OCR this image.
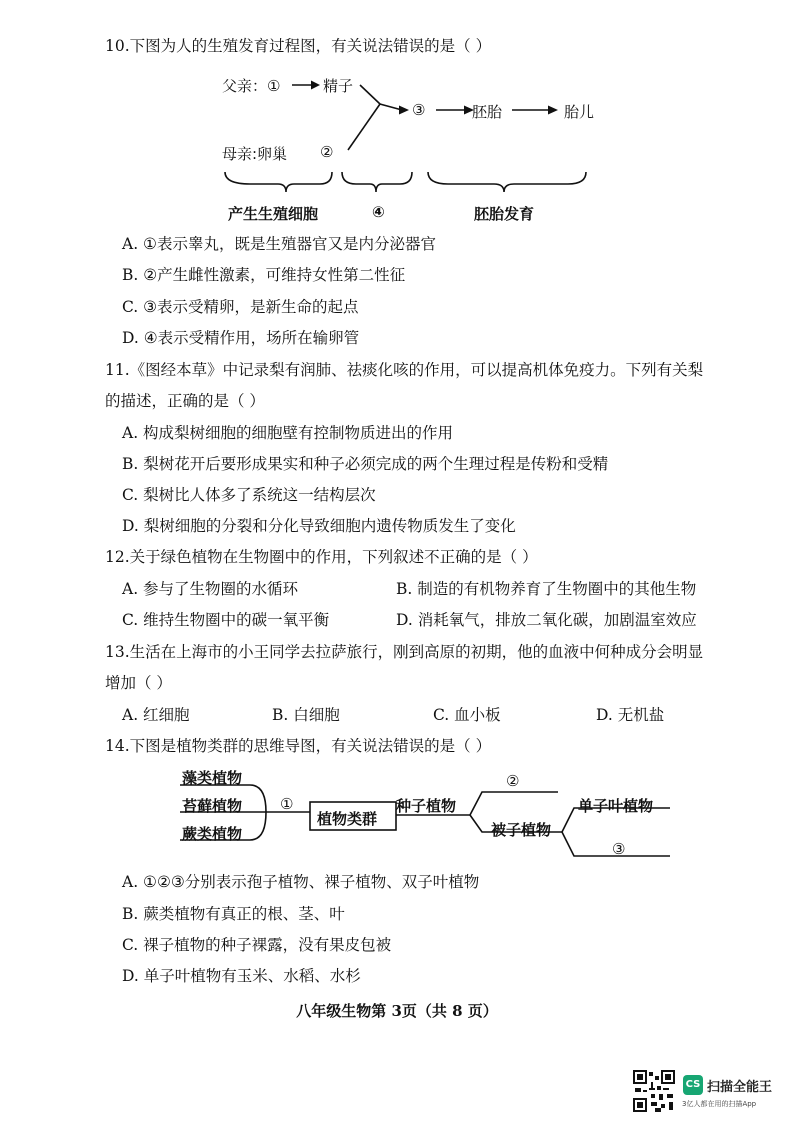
10.下图为人的生殖发育过程图，有关说法错误的是（ ）
父亲：①	精子
母亲:卵巢 ②
③	胚胎	胎儿
产生生殖细胞	④	胚胎发育
A. ①表示睾丸，既是生殖器官又是内分泌器官
B. ②产生雌性激素，可维持女性第二性征
C. ③表示受精卵，是新生命的起点
D. ④表示受精作用，场所在输卵管
11.《图经本草》中记录梨有润肺、祛痰化咳的作用，可以提高机体免疫力。下列有关梨
的描述，正确的是（ ）
A. 构成梨树细胞的细胞壁有控制物质进出的作用
B. 梨树花开后要形成果实和种子必须完成的两个生理过程是传粉和受精
C. 梨树比人体多了系统这一结构层次
D. 梨树细胞的分裂和分化导致细胞内遗传物质发生了变化
12.关于绿色植物在生物圈中的作用，下列叙述不正确的是（ ）
A. 参与了生物圈的水循环	B. 制造的有机物养育了生物圈中的其他生物
C. 维持生物圈中的碳一氧平衡	D. 消耗氧气，排放二氧化碳，加剧温室效应
13.生活在上海市的小王同学去拉萨旅行，刚到高原的初期，他的血液中何种成分会明显
增加（ ）
A. 红细胞	B. 白细胞	C. 血小板	D. 无机盐
14.下图是植物类群的思维导图，有关说法错误的是（ ）
藻类植物
苔藓植物
蕨类植物
①
植物类群
种子植物
②
被子植物
单子叶植物
③
A. ①②③分别表示孢子植物、裸子植物、双子叶植物
B. 蕨类植物有真正的根、茎、叶
C. 裸子植物的种子裸露，没有果皮包被
D. 单子叶植物有玉米、水稻、水杉
八年级生物第 3页（共 8 页）
CS 扫描全能王
3亿人都在用的扫描App
